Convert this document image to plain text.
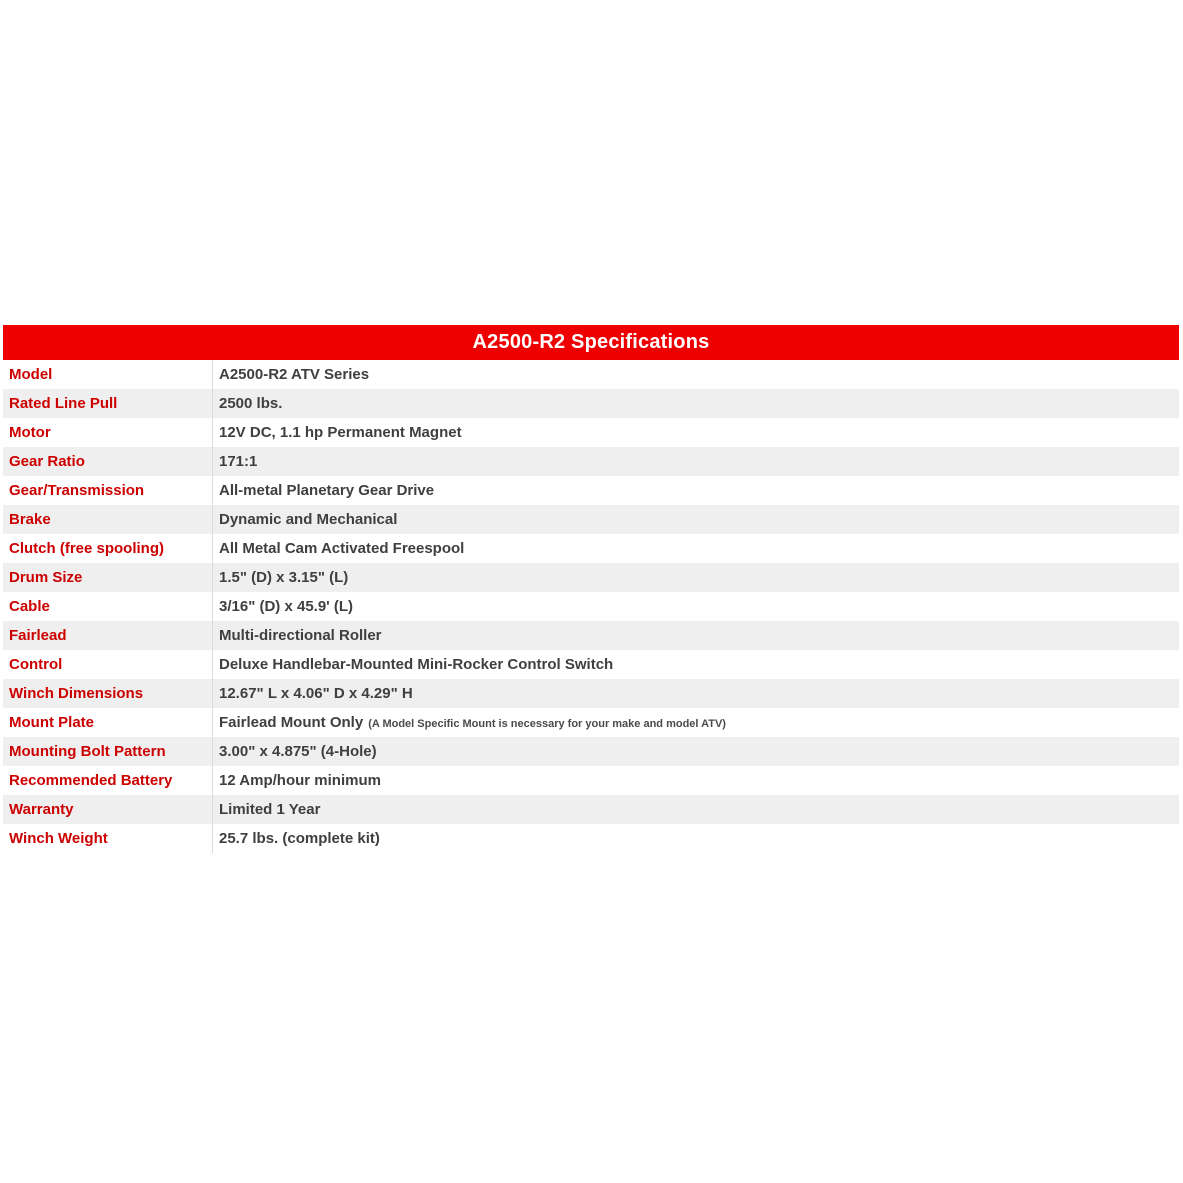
A2500-R2 Specifications
Model	A2500-R2 ATV Series
Rated Line Pull	2500 lbs.
Motor	12V DC, 1.1 hp Permanent Magnet
Gear Ratio	171:1
Gear/Transmission	All-metal Planetary Gear Drive
Brake	Dynamic and Mechanical
Clutch (free spooling)	All Metal Cam Activated Freespool
Drum Size	1.5" (D) x 3.15" (L)
Cable	3/16" (D) x 45.9' (L)
Fairlead	Multi-directional Roller
Control	Deluxe Handlebar-Mounted Mini-Rocker Control Switch
Winch Dimensions	12.67" L x 4.06" D x 4.29" H
Mount Plate	Fairlead Mount Only (A Model Specific Mount is necessary for your make and model ATV)
Mounting Bolt Pattern	3.00" x 4.875" (4-Hole)
Recommended Battery	12 Amp/hour minimum
Warranty	Limited 1 Year
Winch Weight	25.7 lbs. (complete kit)
